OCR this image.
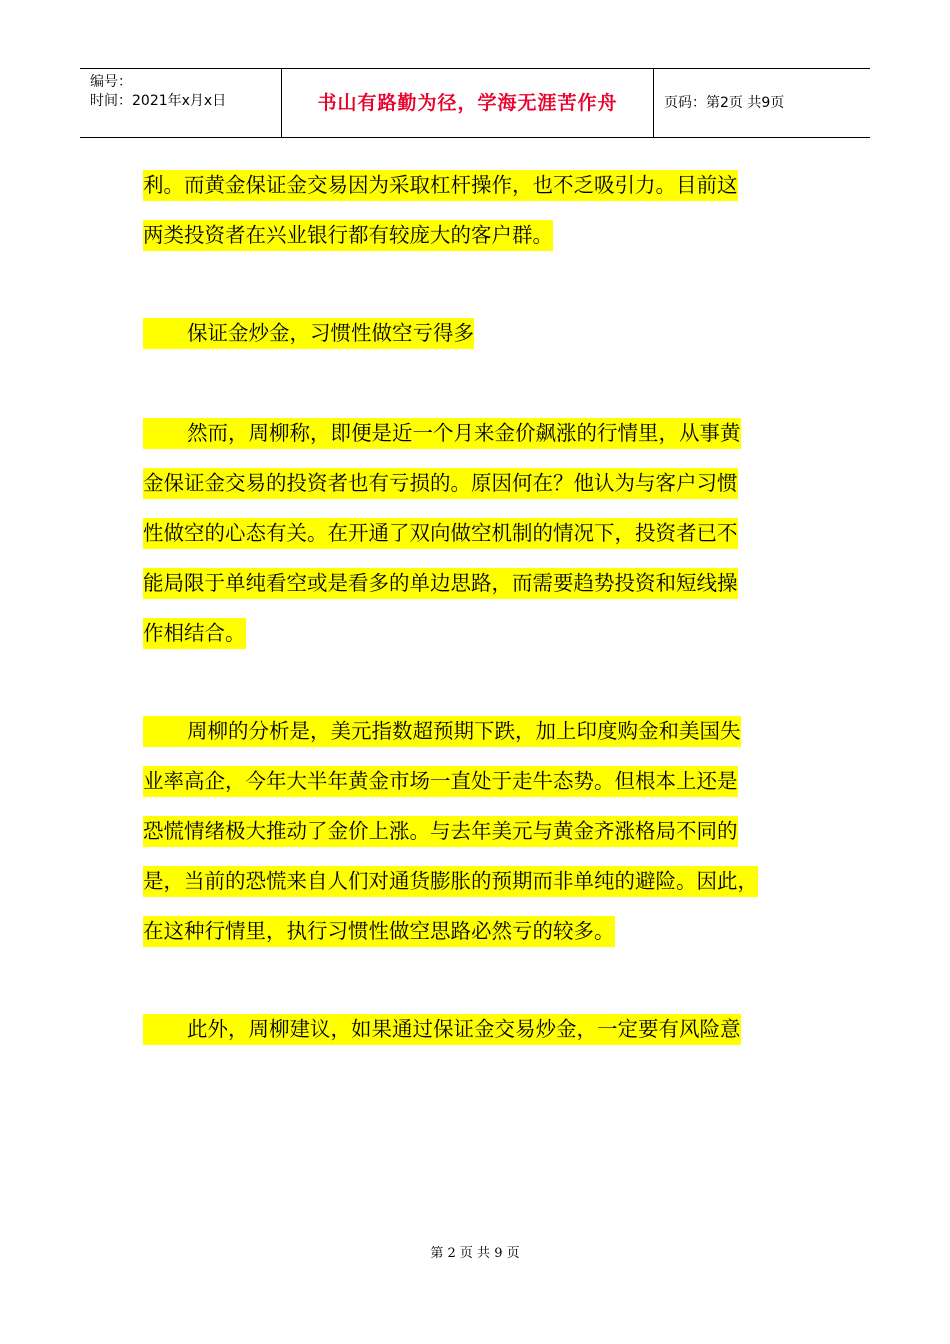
编号：
时间：2021年x月x日	书山有路勤为径，学海无涯苦作舟	页码：第2页 共9页
利。而黄金保证金交易因为采取杠杆操作，也不乏吸引力。目前这
两类投资者在兴业银行都有较庞大的客户群。
保证金炒金，习惯性做空亏得多
然而，周柳称，即便是近一个月来金价飙涨的行情里，从事黄
金保证金交易的投资者也有亏损的。原因何在？他认为与客户习惯
性做空的心态有关。在开通了双向做空机制的情况下，投资者已不
能局限于单纯看空或是看多的单边思路，而需要趋势投资和短线操
作相结合。
周柳的分析是，美元指数超预期下跌，加上印度购金和美国失
业率高企，今年大半年黄金市场一直处于走牛态势。但根本上还是
恐慌情绪极大推动了金价上涨。与去年美元与黄金齐涨格局不同的
是，当前的恐慌来自人们对通货膨胀的预期而非单纯的避险。因此，
在这种行情里，执行习惯性做空思路必然亏的较多。
此外，周柳建议，如果通过保证金交易炒金，一定要有风险意
第 2 页 共 9 页
